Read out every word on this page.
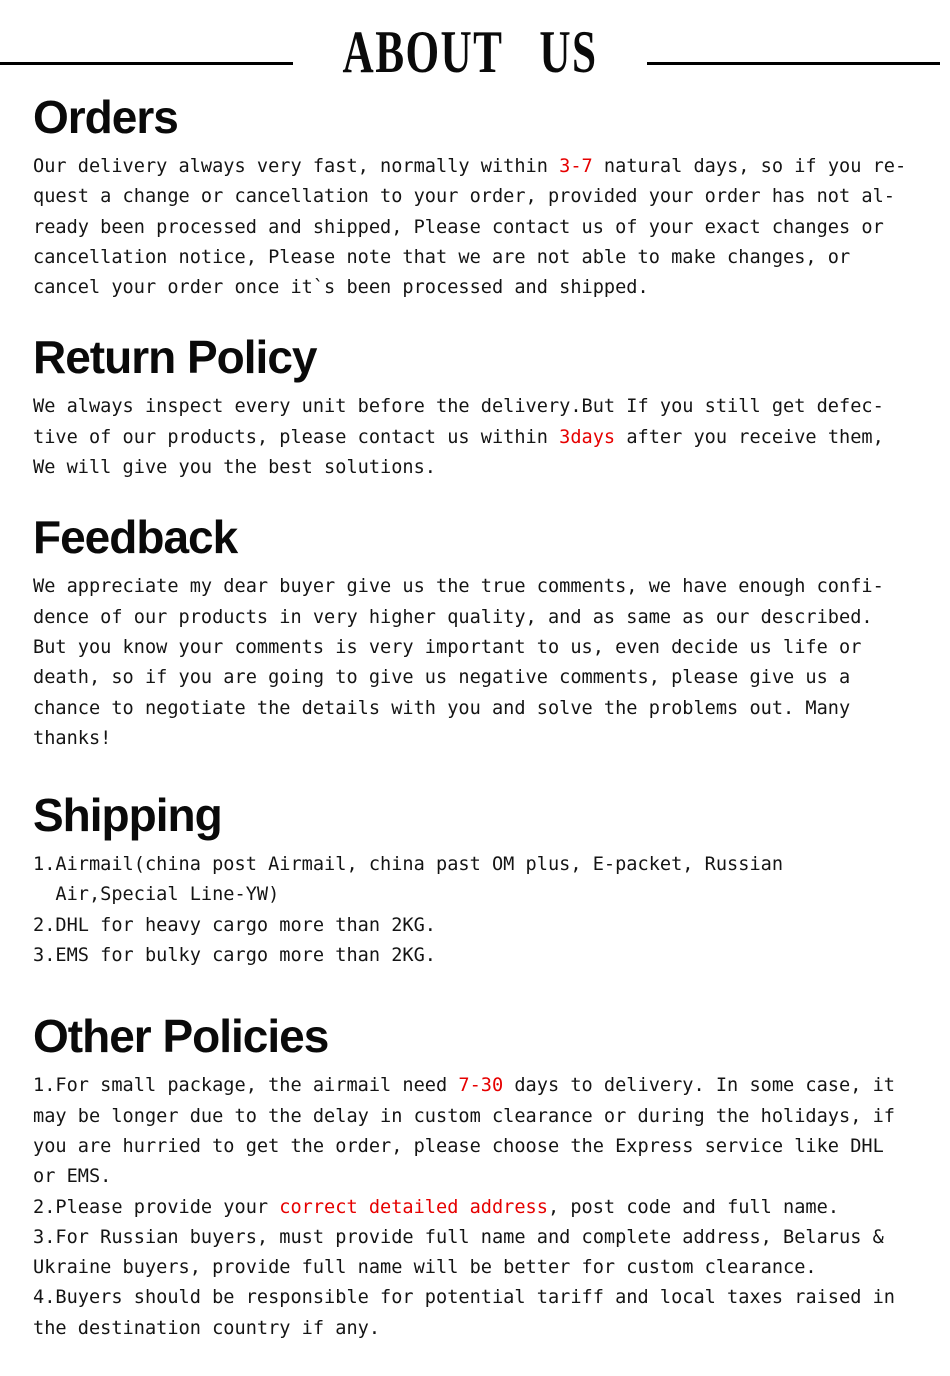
ABOUT US
Orders
Our delivery always very fast, normally within 3-7 natural days, so if you re-
quest a change or cancellation to your order, provided your order has not al-
ready been processed and shipped, Please contact us of your exact changes or
cancellation notice, Please note that we are not able to make changes, or
cancel your order once it`s been processed and shipped.
Return Policy
We always inspect every unit before the delivery.But If you still get defec-
tive of our products, please contact us within 3days after you receive them,
We will give you the best solutions.
Feedback
We appreciate my dear buyer give us the true comments, we have enough confi-
dence of our products in very higher quality, and as same as our described.
But you know your comments is very important to us, even decide us life or
death, so if you are going to give us negative comments, please give us a
chance to negotiate the details with you and solve the problems out. Many
thanks!
Shipping
1.Airmail(china post Airmail, china past OM plus, E-packet, Russian
Air,Special Line-YW)
2.DHL for heavy cargo more than 2KG.
3.EMS for bulky cargo more than 2KG.
Other Policies
1.For small package, the airmail need 7-30 days to delivery. In some case, it
may be longer due to the delay in custom clearance or during the holidays, if
you are hurried to get the order, please choose the Express service like DHL
or EMS.
2.Please provide your correct detailed address, post code and full name.
3.For Russian buyers, must provide full name and complete address, Belarus &
Ukraine buyers, provide full name will be better for custom clearance.
4.Buyers should be responsible for potential tariff and local taxes raised in
the destination country if any.
